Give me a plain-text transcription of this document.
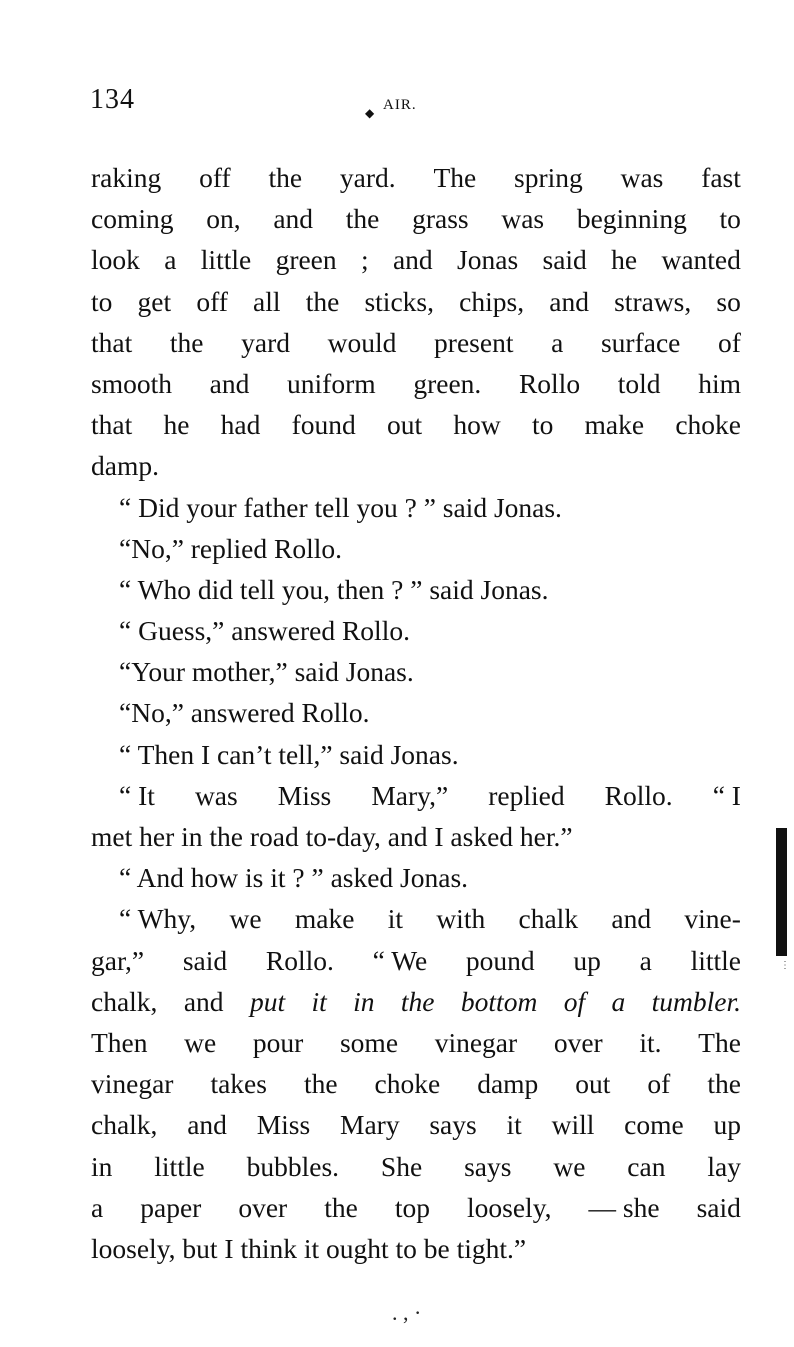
134	◆ AIR.
raking off the yard. The spring was fast
coming on, and the grass was beginning to
look a little green ; and Jonas said he wanted
to get off all the sticks, chips, and straws, so
that the yard would present a surface of
smooth and uniform green. Rollo told him
that he had found out how to make choke
damp.
“ Did your father tell you ? ” said Jonas.
“No,” replied Rollo.
“ Who did tell you, then ? ” said Jonas.
“ Guess,” answered Rollo.
“Your mother,” said Jonas.
“No,” answered Rollo.
“ Then I can’t tell,” said Jonas.
“ It was Miss Mary,” replied Rollo. “ I
met her in the road to-day, and I asked her.”
“ And how is it ? ” asked Jonas.
“ Why, we make it with chalk and vine-
gar,” said Rollo. “ We pound up a little
chalk, and put it in the bottom of a tumbler.
Then we pour some vinegar over it. The
vinegar takes the choke damp out of the
chalk, and Miss Mary says it will come up
in little bubbles. She says we can lay
a paper over the top loosely, — she said
loosely, but I think it ought to be tight.”
⋮
. , ·
